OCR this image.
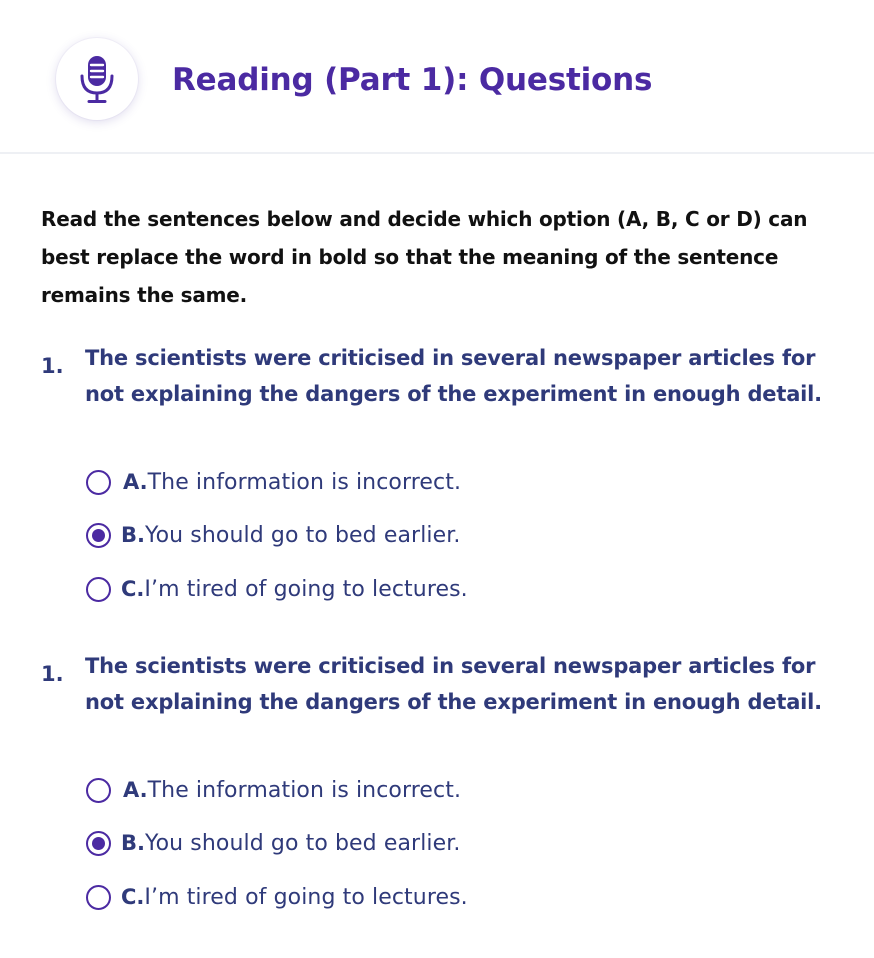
Reading (Part 1): Questions
Read the sentences below and decide which option (A, B, C or D) can best replace the word in bold so that the meaning of the sentence remains the same.
1. The scientists were criticised in several newspaper articles for not explaining the dangers of the experiment in enough detail.
A. The information is incorrect.
B. You should go to bed earlier.
C. I’m tired of going to lectures.
1. The scientists were criticised in several newspaper articles for not explaining the dangers of the experiment in enough detail.
A. The information is incorrect.
B. You should go to bed earlier.
C. I’m tired of going to lectures.
